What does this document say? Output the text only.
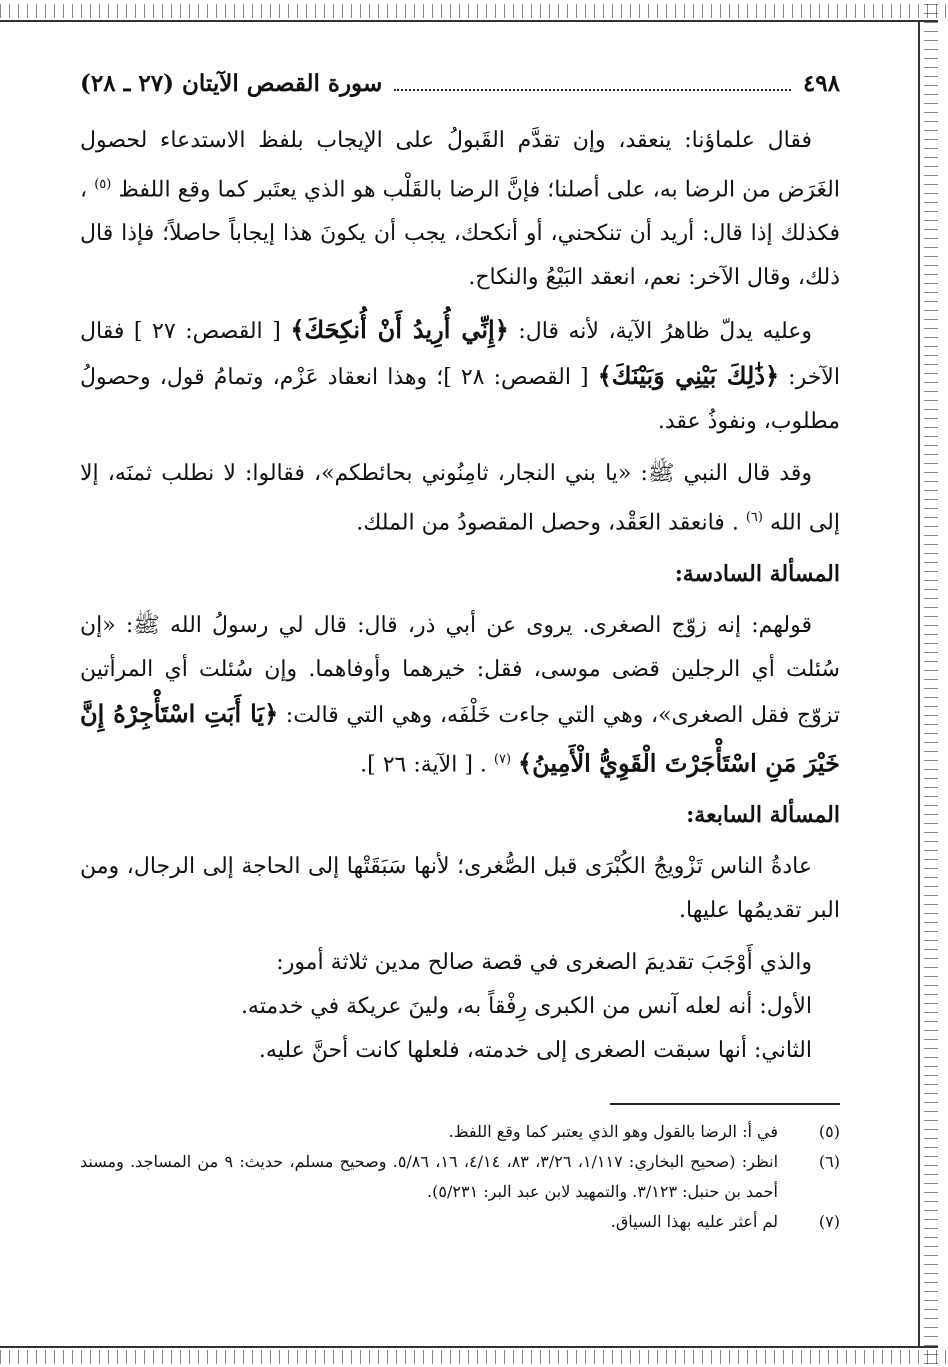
٤٩٨
سورة القصص الآيتان (٢٧ ـ ٢٨)

فقال علماؤنا: ينعقد، وإن تقدَّم القَبولُ على الإيجاب بلفظ الاستدعاء لحصول الغَرَض من الرضا به، على أصلنا؛ فإنَّ الرضا بالقَلْب هو الذي يعتَبر كما وقع اللفظ $^{(٥)}$ ، فكذلك إذا قال: أريد أن تنكحني، أو أنكحك، يجب أن يكونَ هذا إيجاباً حاصلاً؛ فإذا قال ذلك، وقال الآخر: نعم، انعقد البَيْعُ والنكاح.

وعليه يدلّ ظاهرُ الآية، لأنه قال: ﴿إِنِّي أُرِيدُ أَنْ أُنكِحَكَ﴾ [ القصص: ٢٧ ] فقال الآخر: ﴿ذَٰلِكَ بَيْنِي وَبَيْنَكَ﴾ [ القصص: ٢٨ ]؛ وهذا انعقاد عَزْم، وتمامُ قول، وحصولُ مطلوب، ونفوذُ عقد.

وقد قال النبي ﷺ: «يا بني النجار، ثامِنُوني بحائطكم»، فقالوا: لا نطلب ثمنَه، إلا إلى الله $^{(٦)}$ . فانعقد العَقْد، وحصل المقصودُ من الملك.

المسألة السادسة:

قولهم: إنه زوّج الصغرى. يروى عن أبي ذر، قال: قال لي رسولُ الله ﷺ: «إن سُئلت أي الرجلين قضى موسى، فقل: خيرهما وأوفاهما. وإن سُئلت أي المرأتين تزوّج فقل الصغرى»، وهي التي جاءت خَلْفَه، وهي التي قالت: ﴿يَا أَبَتِ اسْتَأْجِرْهُ إِنَّ خَيْرَ مَنِ اسْتَأْجَرْتَ الْقَوِيُّ الْأَمِينُ﴾ $^{(٧)}$ . [ الآية: ٢٦ ].

المسألة السابعة:

عادةُ الناس تَزْويجُ الكُبْرَى قبل الصُّغرى؛ لأنها سَبَقَتْها إلى الحاجة إلى الرجال، ومن البر تقديمُها عليها.

والذي أَوْجَبَ تقديمَ الصغرى في قصة صالح مدين ثلاثة أمور:

الأول: أنه لعله آنس من الكبرى رِفْقاً به، ولينَ عريكة في خدمته.

الثاني: أنها سبقت الصغرى إلى خدمته، فلعلها كانت أحنَّ عليه.

(٥)
في أ: الرضا بالقول وهو الذي يعتبر كما وقع اللفظ.
(٦)
انظر: (صحيح البخاري: ١/١١٧، ٣/٢٦، ٨٣، ٤/١٤، ١٦، ٥/٨٦. وصحيح مسلم، حديث: ٩ من المساجد. ومسند أحمد بن حنبل: ٣/١٢٣. والتمهيد لابن عبد البر: ٥/٢٣١).
(٧)
لم أعثر عليه بهذا السياق.
